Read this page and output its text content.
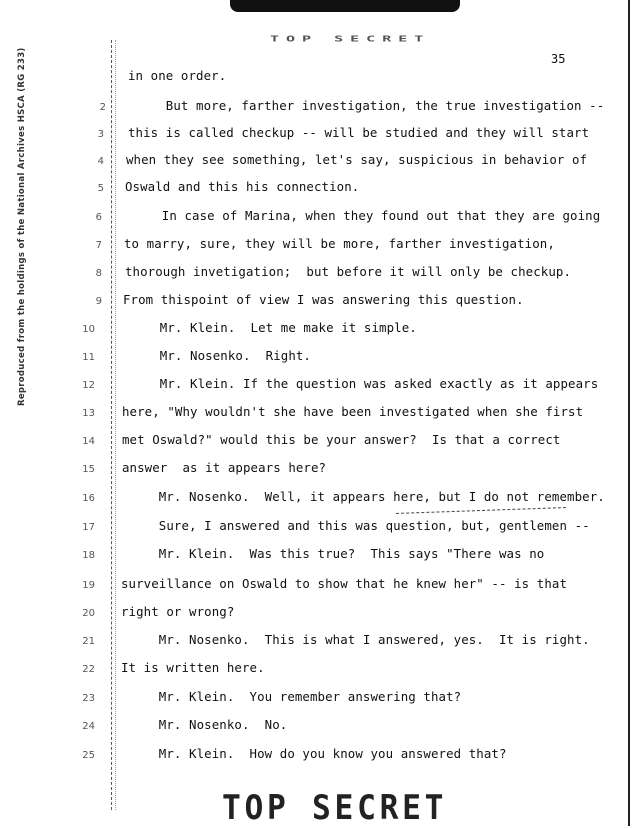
TOP SECRET
35
Reproduced from the holdings of the National Archives HSCA (RG 233)	in one order.
2 But more, farther investigation, the true investigation --
3 this is called checkup -- will be studied and they will start
4 when they see something, let's say, suspicious in behavior of
5 Oswald and this his connection.
6 In case of Marina, when they found out that they are going
7 to marry, sure, they will be more, farther investigation,
8 thorough invetigation;  but before it will only be checkup.
9 From thispoint of view I was answering this question.
10 Mr. Klein.  Let me make it simple.
11 Mr. Nosenko.  Right.
12 Mr. Klein. If the question was asked exactly as it appears
13 here, "Why wouldn't she have been investigated when she first
14 met Oswald?" would this be your answer?  Is that a correct
15 answer  as it appears here?
16 Mr. Nosenko.  Well, it appears here, but I do not remember.
17 Sure, I answered and this was question, but, gentlemen --
18 Mr. Klein.  Was this true?  This says "There was no
19 surveillance on Oswald to show that he knew her" -- is that
20 right or wrong?
21 Mr. Nosenko.  This is what I answered, yes.  It is right.
22 It is written here.
23 Mr. Klein.  You remember answering that?
24 Mr. Nosenko.  No.
25 Mr. Klein.  How do you know you answered that?
TOP SECRET
